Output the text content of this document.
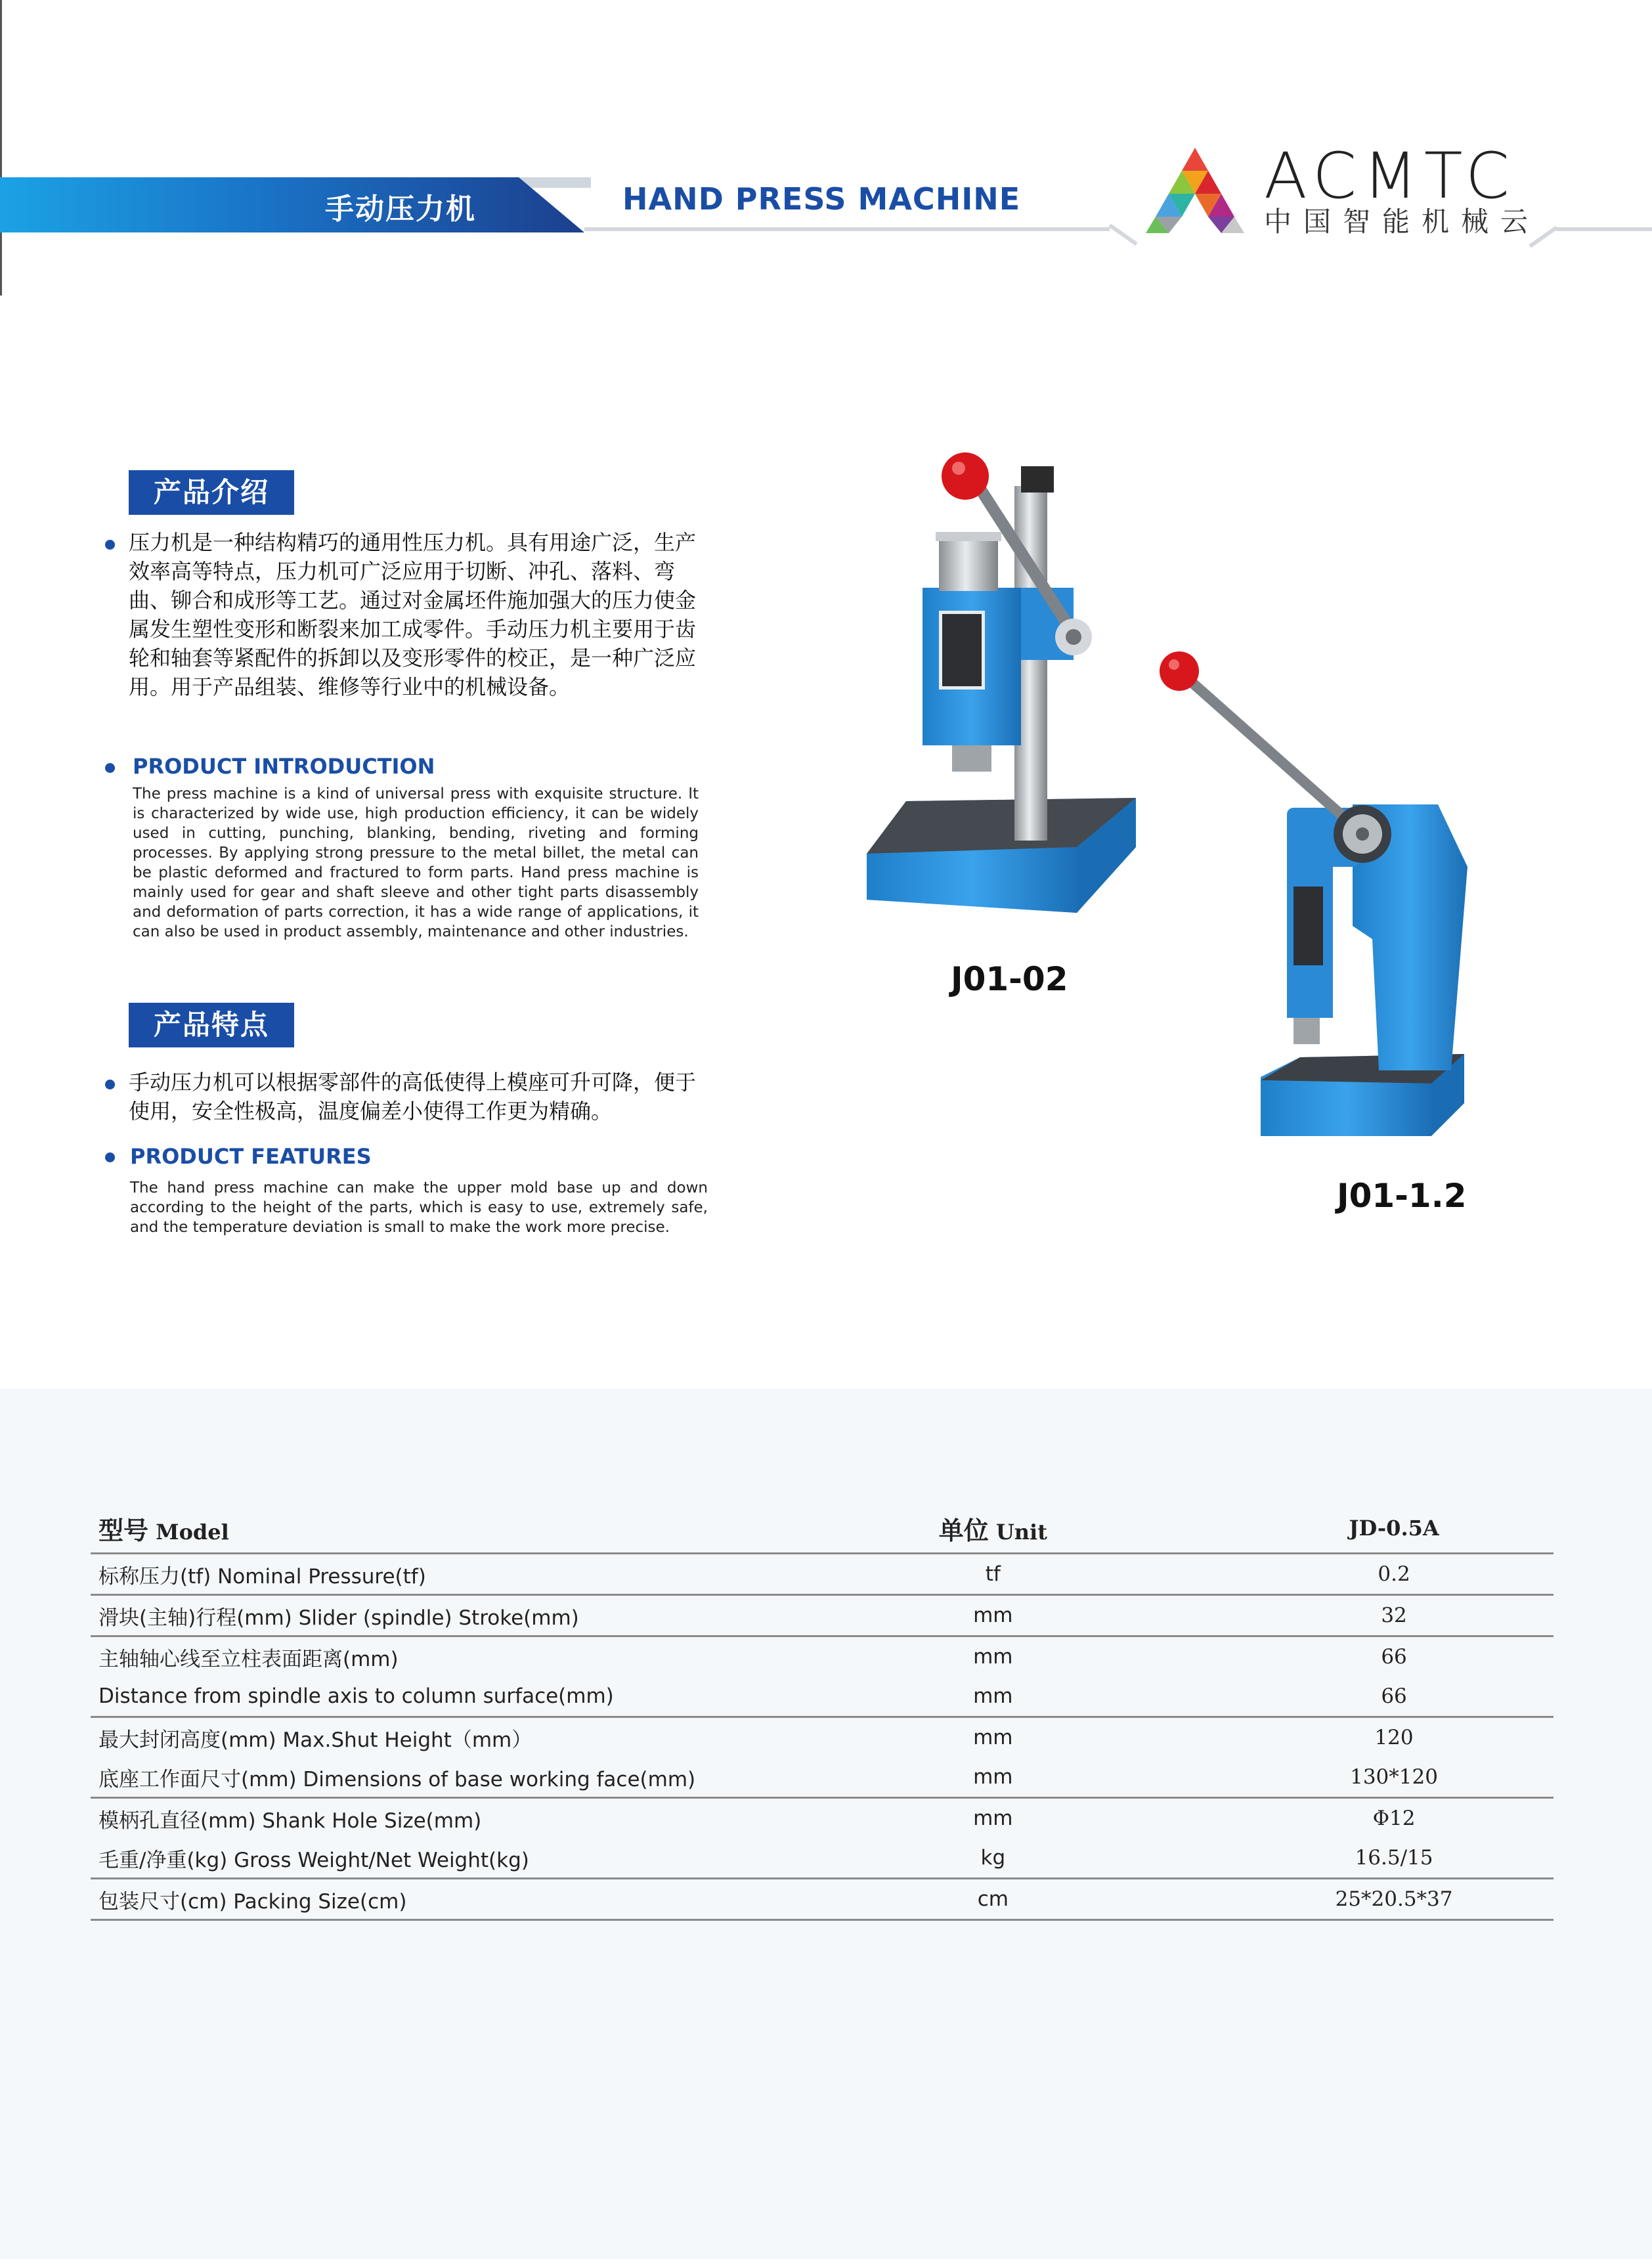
手动压力机	HAND PRESS MACHINE	ACMTC
中国智能机械云
产品介绍
压力机是一种结构精巧的通用性压力机。具有用途广泛，生产效率高等特点，压力机可广泛应用于切断、冲孔、落料、弯曲、铆合和成形等工艺。通过对金属坯件施加强大的压力使金属发生塑性变形和断裂来加工成零件。手动压力机主要用于齿轮和轴套等紧配件的拆卸以及变形零件的校正，是一种广泛应用。用于产品组装、维修等行业中的机械设备。
PRODUCT INTRODUCTION
The press machine is a kind of universal press with exquisite structure. It is characterized by wide use, high production efficiency, it can be widely used in cutting, punching, blanking, bending, riveting and forming processes. By applying strong pressure to the metal billet, the metal can be plastic deformed and fractured to form parts. Hand press machine is mainly used for gear and shaft sleeve and other tight parts disassembly and deformation of parts correction, it has a wide range of applications, it can also be used in product assembly, maintenance and other industries.
产品特点
手动压力机可以根据零部件的高低使得上模座可升可降，便于使用，安全性极高，温度偏差小使得工作更为精确。
PRODUCT FEATURES
The hand press machine can make the upper mold base up and down according to the height of the parts, which is easy to use, extremely safe, and the temperature deviation is small to make the work more precise.
J01-02
J01-1.2
型号 Model	单位 Unit	JD-0.5A
标称压力(tf) Nominal Pressure(tf)	tf	0.2
滑块(主轴)行程(mm) Slider (spindle) Stroke(mm)	mm	32
主轴轴心线至立柱表面距离(mm)	mm	66
Distance from spindle axis to column surface(mm)	mm	66
最大封闭高度(mm) Max.Shut Height（mm）	mm	120
底座工作面尺寸(mm) Dimensions of base working face(mm)	mm	130*120
模柄孔直径(mm) Shank Hole Size(mm)	mm	Φ12
毛重/净重(kg) Gross Weight/Net Weight(kg)	kg	16.5/15
包装尺寸(cm) Packing Size(cm)	cm	25*20.5*37
